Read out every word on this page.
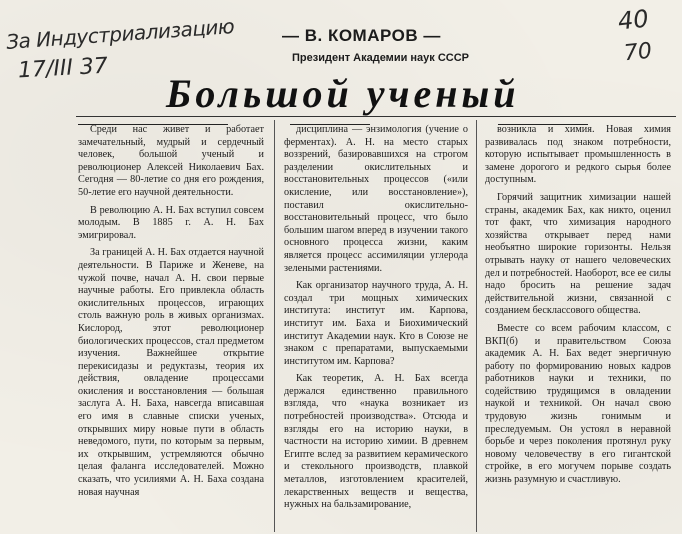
За Индустриализацию
17/III 37
40
70
— В. КОМАРОВ —
Президент Академии наук СССР
Большой ученый

Среди нас живет и работает замечательный, мудрый и сердечный человек, большой ученый и революционер Алексей Николаевич Бах. Сегодня — 80-летие со дня его рождения, 50-летие его научной деятельности.

В революцию А. Н. Бах вступил совсем молодым. В 1885 г. А. Н. Бах эмигрировал.

За границей А. Н. Бах отдается научной деятельности. В Париже и Женеве, на чужой почве, начал А. Н. свои первые научные работы. Его привлекла область окислительных процессов, играющих столь важную роль в живых организмах. Кислород, этот революционер биологических процессов, стал предметом изучения. Важнейшее открытие перекисидазы и редуктазы, теория их действия, овладение процессами окисления и восстановления — большая заслуга А. Н. Баха, навсегда вписавшая его имя в славные списки ученых, открывших миру новые пути в область неведомого, пути, по которым за первым, их открывшим, устремляются обычно целая фаланга исследователей. Можно сказать, что усилиями А. Н. Баха создана новая научная

дисциплина — энзимология (учение о ферментах). А. Н. на место старых воззрений, базировавшихся на строгом разделении окислительных и восстановительных процессов («или окисление, или восстановление»), поставил окислительно-восстановительный процесс, что было большим шагом вперед в изучении такого основного процесса жизни, каким является процесс ассимиляции углерода зелеными растениями.

Как организатор научного труда, А. Н. создал три мощных химических института: институт им. Карпова, институт им. Баха и Биохимический институт Академии наук. Кто в Союзе не знаком с препаратами, выпускаемыми институтом им. Карпова?

Как теоретик, А. Н. Бах всегда держался единственно правильного взгляда, что «наука возникает из потребностей производства». Отсюда и взгляды его на историю науки, в частности на историю химии. В древнем Египте вслед за развитием керамического и стекольного производств, плавкой металлов, изготовлением красителей, лекарственных веществ и вещества, нужных на бальзамирование,

возникла и химия. Новая химия развивалась под знаком потребности, которую испытывает промышленность в замене дорогого и редкого сырья более доступным.

Горячий защитник химизации нашей страны, академик Бах, как никто, оценил тот факт, что химизация народного хозяйства открывает перед нами необъятно широкие горизонты. Нельзя отрывать науку от нашего человеческих дел и потребностей. Наоборот, все ее силы надо бросить на решение задач действительной жизни, связанной с созданием бесклассового общества.

Вместе со всем рабочим классом, с ВКП(б) и правительством Союза академик А. Н. Бах ведет энергичную работу по формированию новых кадров работников науки и техники, по содействию трудящимся в овладении наукой и техникой. Он начал свою трудовую жизнь гонимым и преследуемым. Он устоял в неравной борьбе и через поколения протянул руку новому человечеству в его гигантской стройке, в его могучем порыве создать жизнь разумную и счастливую.
